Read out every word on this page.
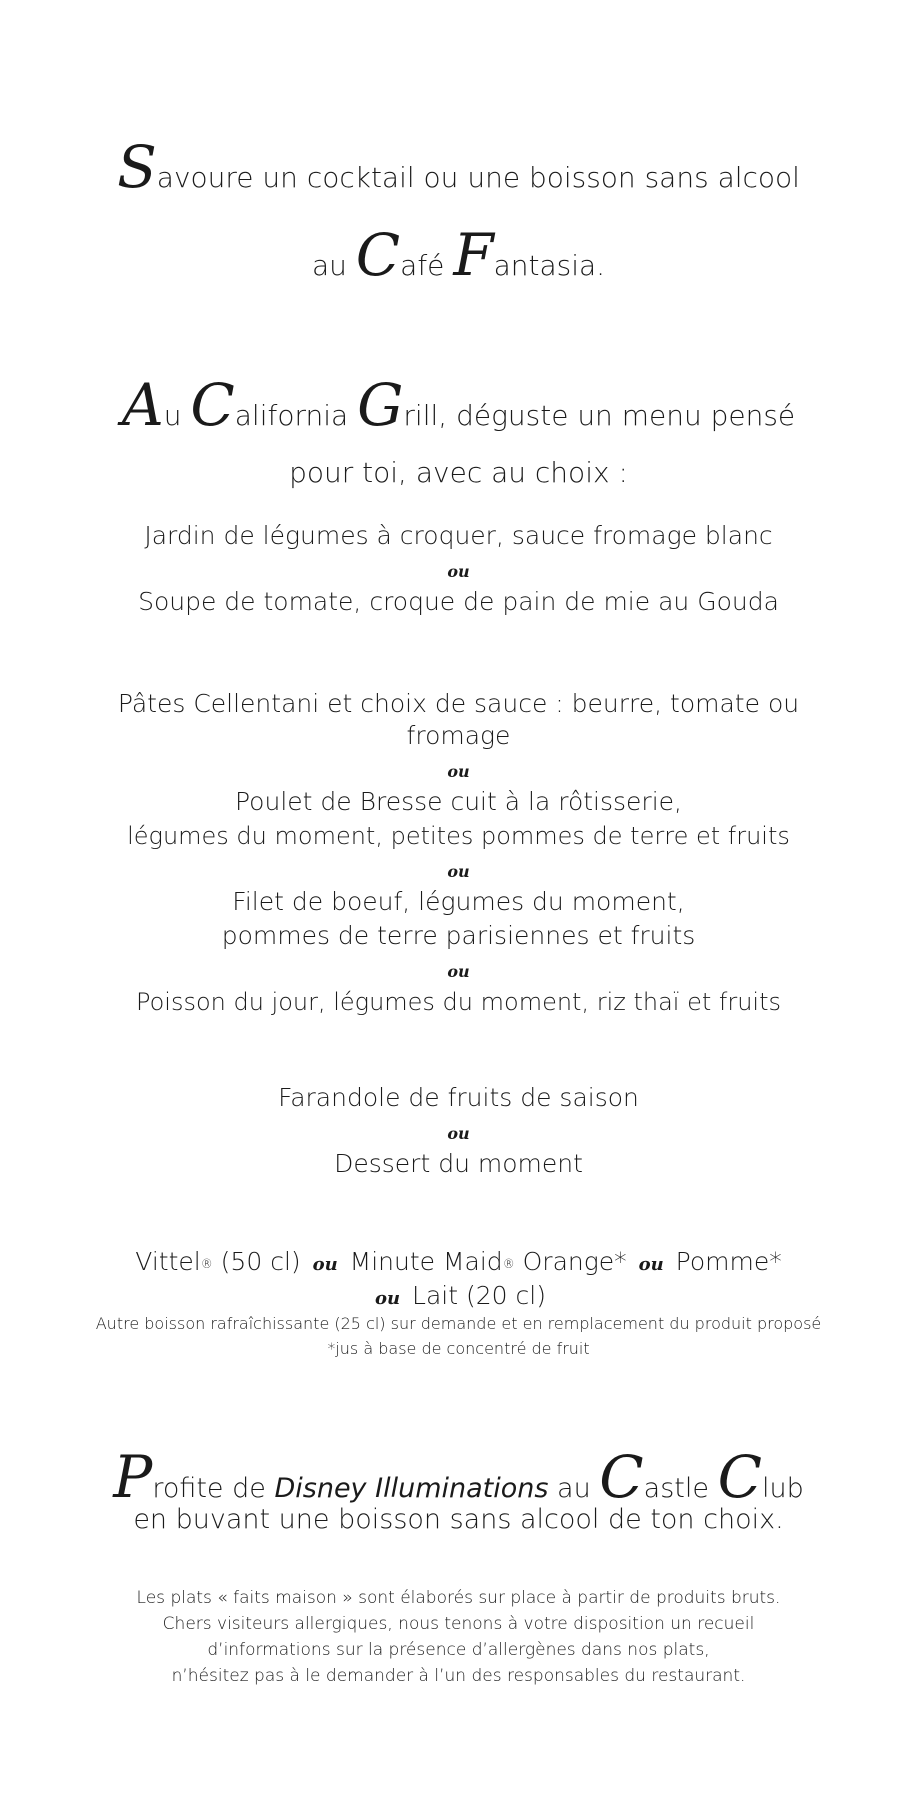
Savoure un cocktail ou une boisson sans alcool
au Café Fantasia.
Au California Grill, déguste un menu pensé
pour toi, avec au choix :
Jardin de légumes à croquer, sauce fromage blanc
ou
Soupe de tomate, croque de pain de mie au Gouda
Pâtes Cellentani et choix de sauce : beurre, tomate ou
fromage
ou
Poulet de Bresse cuit à la rôtisserie,
légumes du moment, petites pommes de terre et fruits
ou
Filet de boeuf, légumes du moment,
pommes de terre parisiennes et fruits
ou
Poisson du jour, légumes du moment, riz thaï et fruits
Farandole de fruits de saison
ou
Dessert du moment
Vittel® (50 cl) ou Minute Maid® Orange* ou Pomme*
ou Lait (20 cl)
Autre boisson rafraîchissante (25 cl) sur demande et en remplacement du produit proposé
*jus à base de concentré de fruit
Profite de Disney Illuminations au Castle Club
en buvant une boisson sans alcool de ton choix.
Les plats « faits maison » sont élaborés sur place à partir de produits bruts.
Chers visiteurs allergiques, nous tenons à votre disposition un recueil
d’informations sur la présence d’allergènes dans nos plats,
n’hésitez pas à le demander à l’un des responsables du restaurant.
